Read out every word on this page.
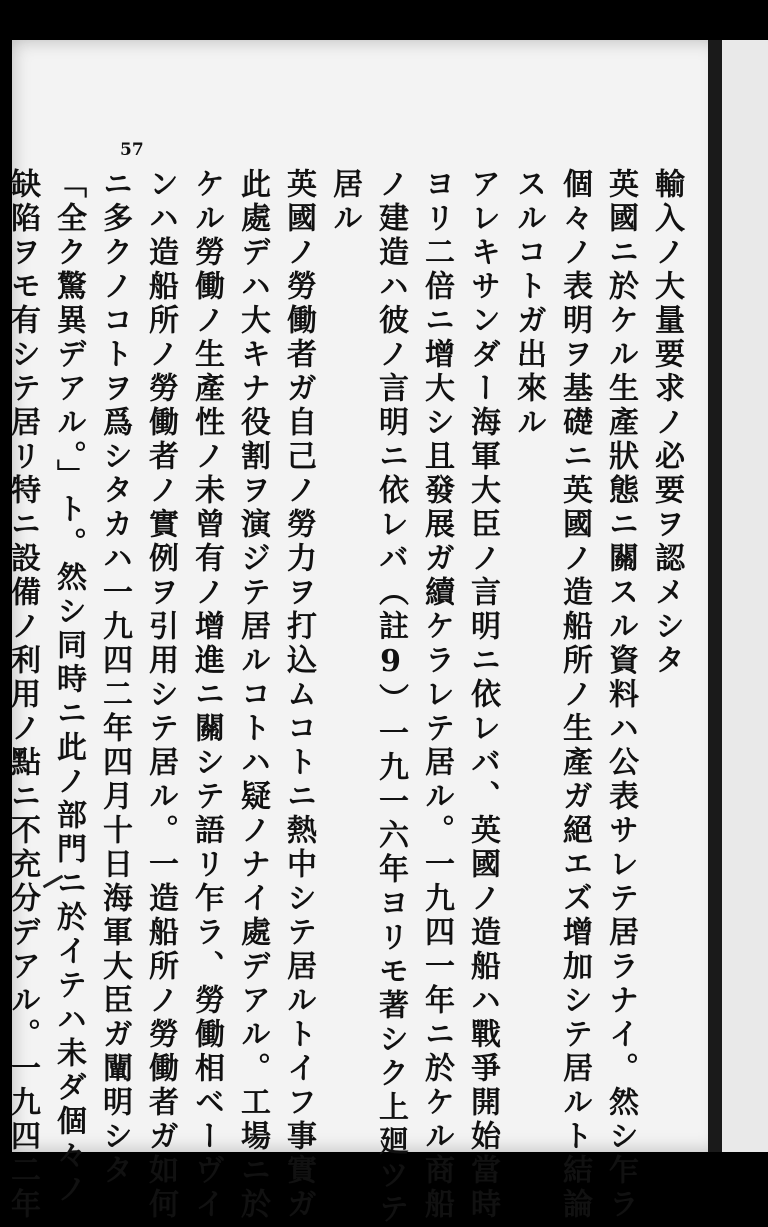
57
輸入ノ大量要求ノ必要ヲ認メシタ
英國ニ於ケル生產狀態ニ關スル資料ハ公表サレテ居ラナイ。然シ乍ラ
個々ノ表明ヲ基礎ニ英國ノ造船所ノ生產ガ絕エズ增加シテ居ルト結論
スルコトガ出來ル
アレキサンダー海軍大臣ノ言明ニ依レバ、英國ノ造船ハ戰爭開始當時
ヨリ二倍ニ增大シ且發展ガ續ケラレテ居ル。一九四一年ニ於ケル商船
ノ建造ハ彼ノ言明ニ依レバ（註9）一九一六年ヨリモ著シク上廻ツテ
居ル
英國ノ勞働者ガ自己ノ勞力ヲ打込ムコトニ熱中シテ居ルトイフ事實ガ
此處デハ大キナ役割ヲ演ジテ居ルコトハ疑ノナイ處デアル。工場ニ於
ケル勞働ノ生產性ノ未曾有ノ增進ニ關シテ語リ乍ラ、勞働相ベーヴイ
ンハ造船所ノ勞働者ノ實例ヲ引用シテ居ル。一造船所ノ勞働者ガ如何
ニ多クノコトヲ爲シタカハ一九四二年四月十日海軍大臣ガ闡明シタ
「全ク驚異デアル。」ト。然シ同時ニ此ノ部門ニ於イテハ未ダ個々ノ
缺陷ヲモ有シテ居リ特ニ設備ノ利用ノ點ニ不充分デアル。一九四二年
